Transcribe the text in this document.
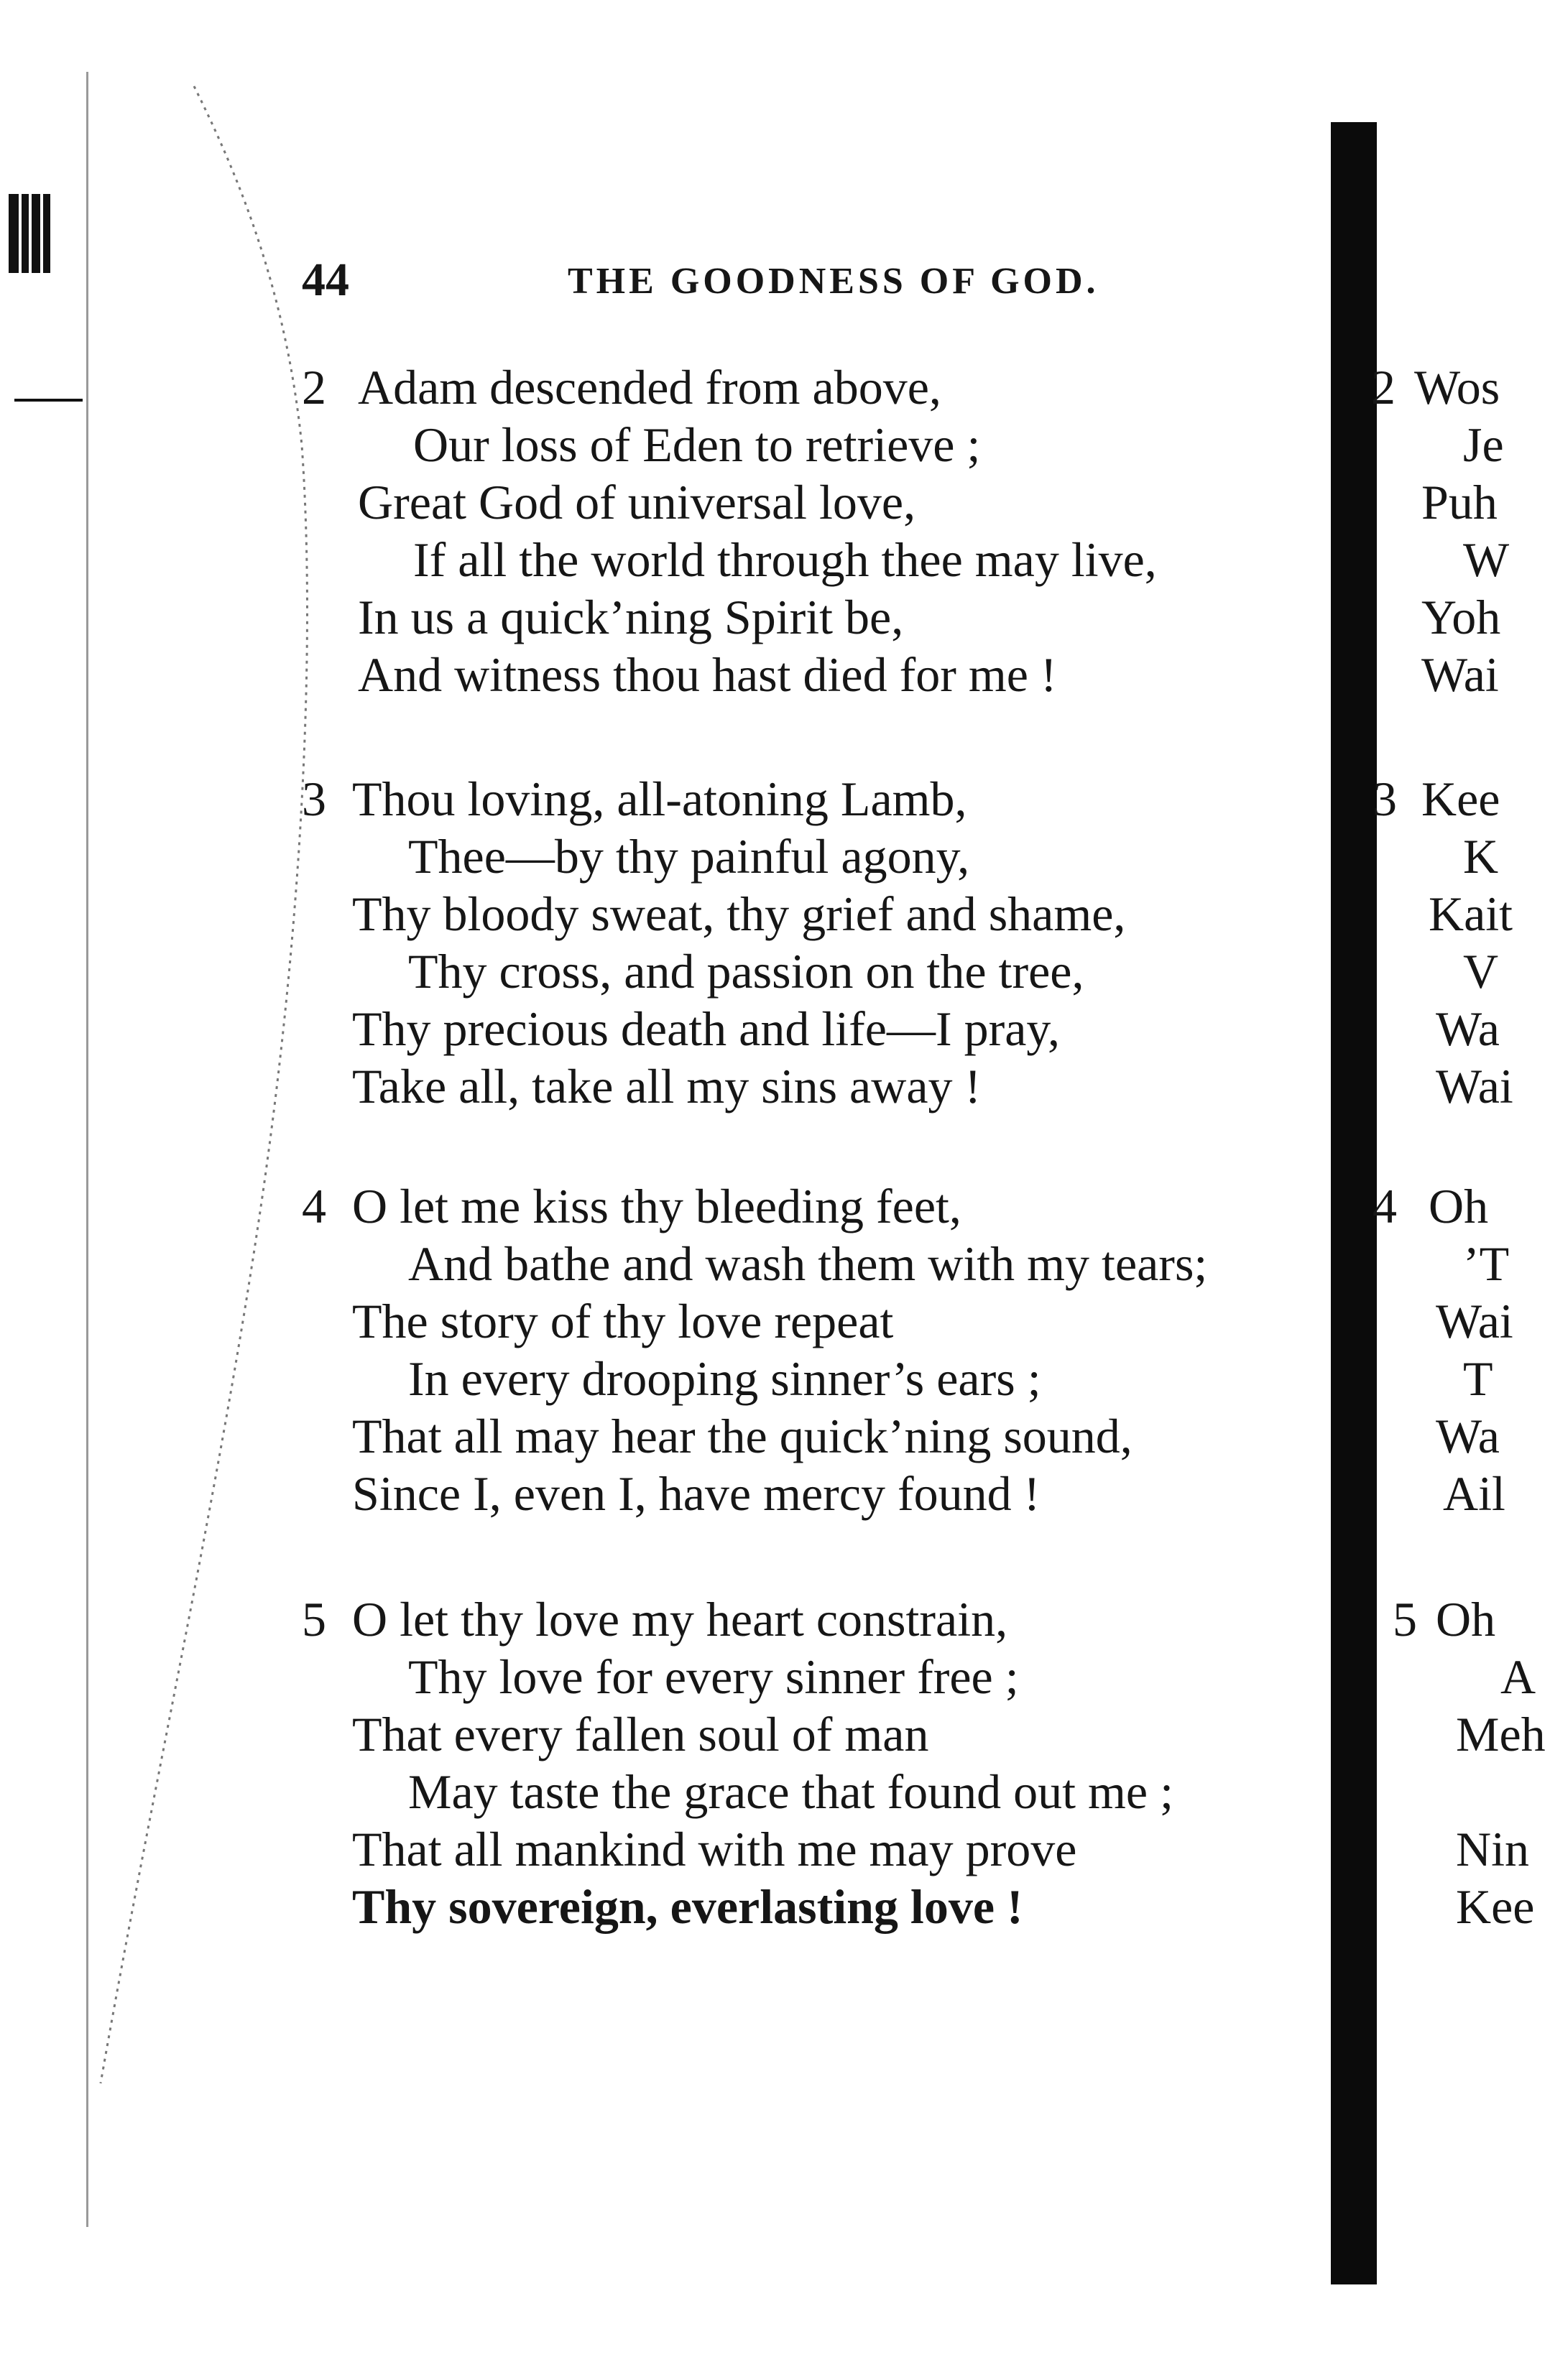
44	THE GOODNESS OF GOD.
2 Adam descended from above,
Our loss of Eden to retrieve ;
Great God of universal love,
If all the world through thee may live,
In us a quick’ning Spirit be,
And witness thou hast died for me !
3 Thou loving, all-atoning Lamb,
Thee—by thy painful agony,
Thy bloody sweat, thy grief and shame,
Thy cross, and passion on the tree,
Thy precious death and life—I pray,
Take all, take all my sins away !
4 O let me kiss thy bleeding feet,
And bathe and wash them with my tears;
The story of thy love repeat
In every drooping sinner’s ears ;
That all may hear the quick’ning sound,
Since I, even I, have mercy found !
5 O let thy love my heart constrain,
Thy love for every sinner free ;
That every fallen soul of man
May taste the grace that found out me ;
That all mankind with me may prove
Thy sovereign, everlasting love !
2 Wos
Je
Puh
W
Yoh
Wai
3 Kee
K
Kait
V
Wa
Wai
4 Oh
’T
Wai
T
Wa
Ail
5 Oh
A
Meh
Nin
Kee
